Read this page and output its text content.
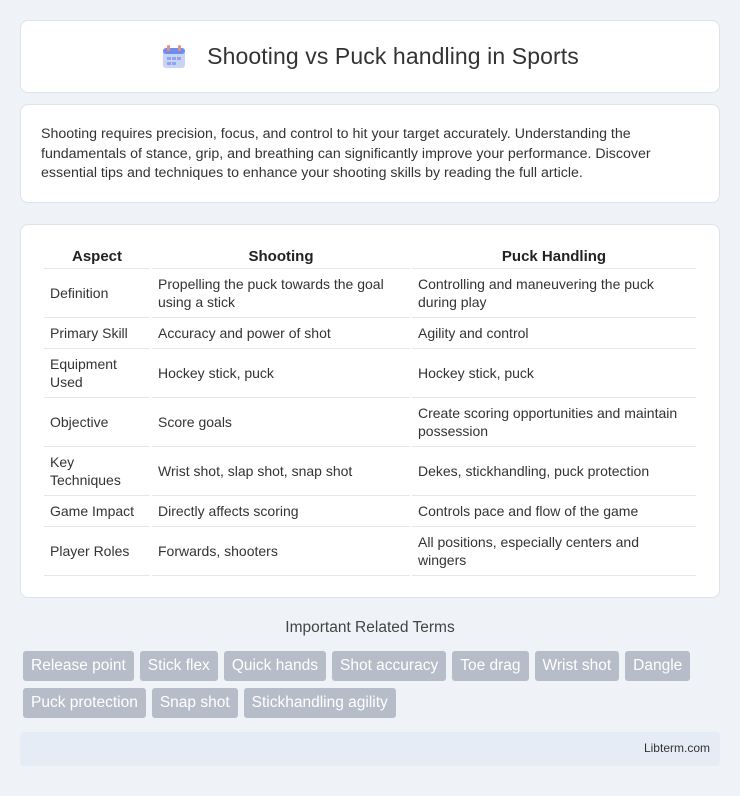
Shooting vs Puck handling in Sports

Shooting requires precision, focus, and control to hit your target accurately. Understanding the fundamentals of stance, grip, and breathing can significantly improve your performance. Discover essential tips and techniques to enhance your shooting skills by reading the full article.

Aspect	Shooting	Puck Handling
Definition	Propelling the puck towards the goal using a stick	Controlling and maneuvering the puck during play
Primary Skill	Accuracy and power of shot	Agility and control
Equipment Used	Hockey stick, puck	Hockey stick, puck
Objective	Score goals	Create scoring opportunities and maintain possession
Key Techniques	Wrist shot, slap shot, snap shot	Dekes, stickhandling, puck protection
Game Impact	Directly affects scoring	Controls pace and flow of the game
Player Roles	Forwards, shooters	All positions, especially centers and wingers
Important Related Terms
Release point	Stick flex	Quick hands	Shot accuracy	Toe drag	Wrist shot	Dangle
Puck protection	Snap shot	Stickhandling agility
Libterm.com
